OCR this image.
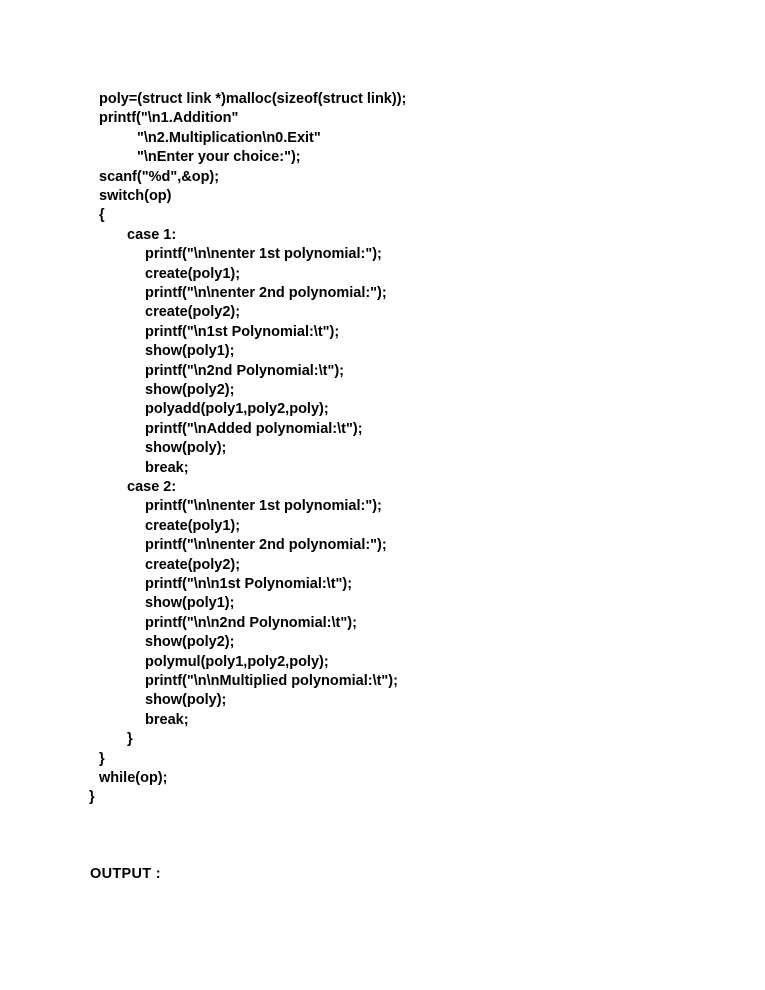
poly=(struct link *)malloc(sizeof(struct link));
printf("\n1.Addition"
"\n2.Multiplication\n0.Exit"
"\nEnter your choice:");
scanf("%d",&op);
switch(op)
{
case 1:
printf("\n\nenter 1st polynomial:");
create(poly1);
printf("\n\nenter 2nd polynomial:");
create(poly2);
printf("\n1st Polynomial:\t");
show(poly1);
printf("\n2nd Polynomial:\t");
show(poly2);
polyadd(poly1,poly2,poly);
printf("\nAdded polynomial:\t");
show(poly);
break;
case 2:
printf("\n\nenter 1st polynomial:");
create(poly1);
printf("\n\nenter 2nd polynomial:");
create(poly2);
printf("\n\n1st Polynomial:\t");
show(poly1);
printf("\n\n2nd Polynomial:\t");
show(poly2);
polymul(poly1,poly2,poly);
printf("\n\nMultiplied polynomial:\t");
show(poly);
break;
}
}
while(op);
}
OUTPUT :
